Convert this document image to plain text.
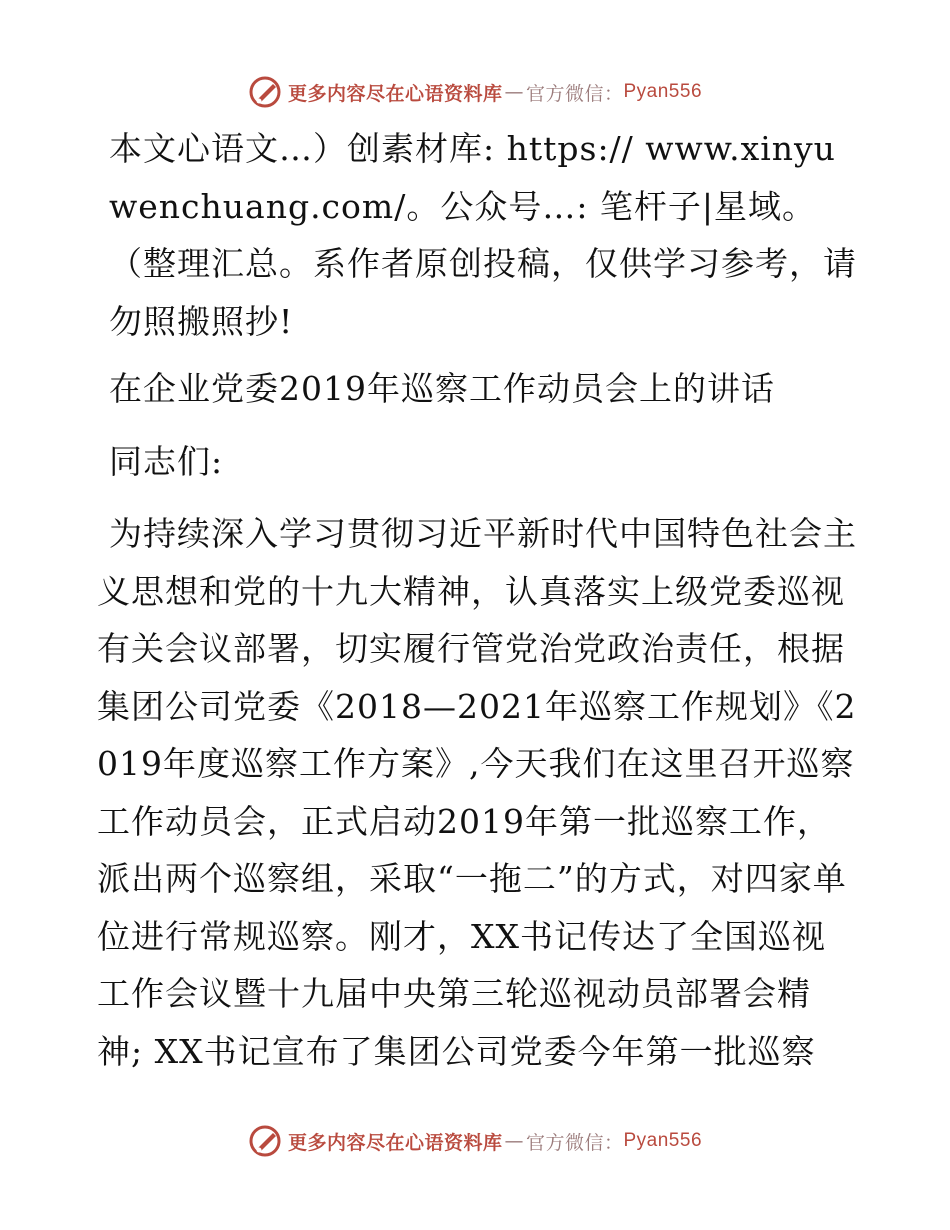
更多内容尽在心语资料库 — 官方微信： Pyan556

本文心语文…）创素材库: https:// www.xinyuwenchuang.com/。公众号…: 笔杆子|星域。（整理汇总。系作者原创投稿，仅供学习参考，请勿照搬照抄!

在企业党委2019年巡察工作动员会上的讲话

同志们:

为持续深入学习贯彻习近平新时代中国特色社会主义思想和党的十九大精神，认真落实上级党委巡视有关会议部署，切实履行管党治党政治责任，根据集团公司党委《2018—2021年巡察工作规划》《2019年度巡察工作方案》,今天我们在这里召开巡察工作动员会，正式启动2019年第一批巡察工作，派出两个巡察组，采取“一拖二”的方式，对四家单位进行常规巡察。刚才，XX书记传达了全国巡视工作会议暨十九届中央第三轮巡视动员部署会精神; XX书记宣布了集团公司党委今年第一批巡察

更多内容尽在心语资料库 — 官方微信： Pyan556
